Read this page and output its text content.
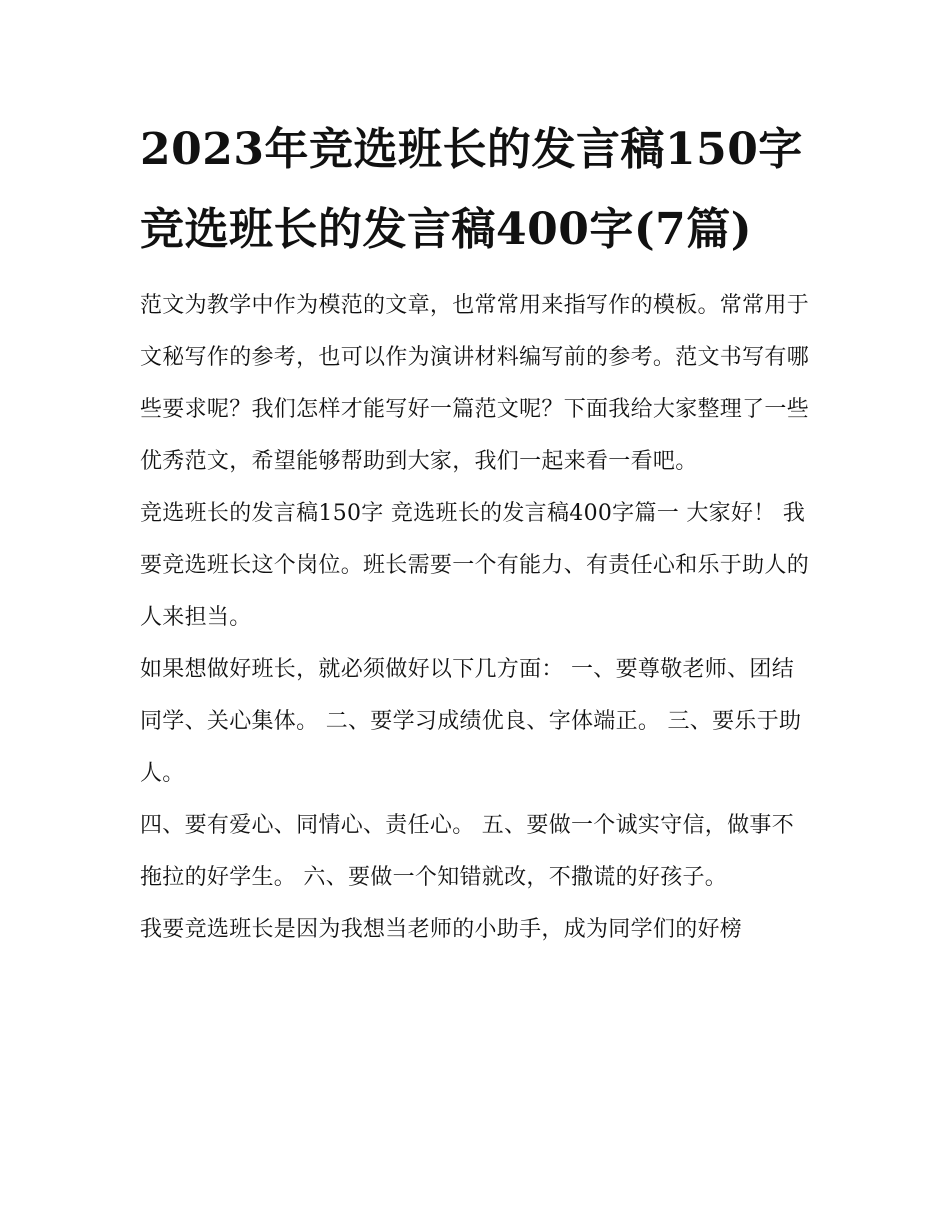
2023年竞选班长的发言稿150字 竞选班长的发言稿400字(7篇)

范文为教学中作为模范的文章，也常常用来指写作的模板。常常用于文秘写作的参考，也可以作为演讲材料编写前的参考。范文书写有哪些要求呢？我们怎样才能写好一篇范文呢？下面我给大家整理了一些优秀范文，希望能够帮助到大家，我们一起来看一看吧。

竞选班长的发言稿150字 竞选班长的发言稿400字篇一 大家好！ 我要竞选班长这个岗位。班长需要一个有能力、有责任心和乐于助人的人来担当。

如果想做好班长，就必须做好以下几方面： 一、要尊敬老师、团结同学、关心集体。 二、要学习成绩优良、字体端正。 三、要乐于助人。

四、要有爱心、同情心、责任心。 五、要做一个诚实守信，做事不拖拉的好学生。 六、要做一个知错就改，不撒谎的好孩子。

我要竞选班长是因为我想当老师的小助手，成为同学们的好榜
